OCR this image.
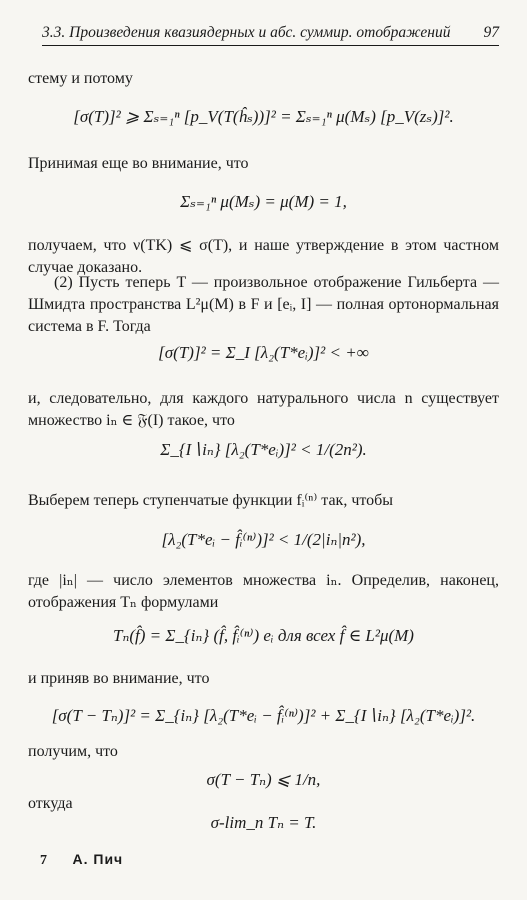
3.3. Произведения квазиядерных и абс. суммир. отображений 97
стему и потому
[σ(T)]² ⩾ Σₛ₌₁ⁿ [p_V(T(ĥₛ))]² = Σₛ₌₁ⁿ μ(Mₛ) [p_V(zₛ)]².
Принимая еще во внимание, что
Σₛ₌₁ⁿ μ(Mₛ) = μ(M) = 1,
получаем, что ν(TK) ⩽ σ(T), и наше утверждение в этом частном случае доказано.
(2) Пусть теперь T — произвольное отображение Гильберта — Шмидта пространства L²μ(M) в F и [eᵢ, I] — полная ортонормальная система в F. Тогда
[σ(T)]² = Σ_I [λ₂(T*eᵢ)]² < +∞
и, следовательно, для каждого натурального числа n существует множество iₙ ∈ 𝔉(I) такое, что
Σ_{I∖iₙ} [λ₂(T*eᵢ)]² < 1/(2n²).
Выберем теперь ступенчатые функции fᵢ⁽ⁿ⁾ так, чтобы
[λ₂(T*eᵢ − f̂ᵢ⁽ⁿ⁾)]² < 1/(2|iₙ|n²),
где |iₙ| — число элементов множества iₙ. Определив, наконец, отображения Tₙ формулами
Tₙ(f̂) = Σ_{iₙ} (f̂, f̂ᵢ⁽ⁿ⁾) eᵢ для всех f̂ ∈ L²μ(M)
и приняв во внимание, что
[σ(T − Tₙ)]² = Σ_{iₙ} [λ₂(T*eᵢ − f̂ᵢ⁽ⁿ⁾)]² + Σ_{I∖iₙ} [λ₂(T*eᵢ)]².
получим, что
σ(T − Tₙ) ⩽ 1/n,
откуда
σ-lim_n Tₙ = T.
7 А. Пич
